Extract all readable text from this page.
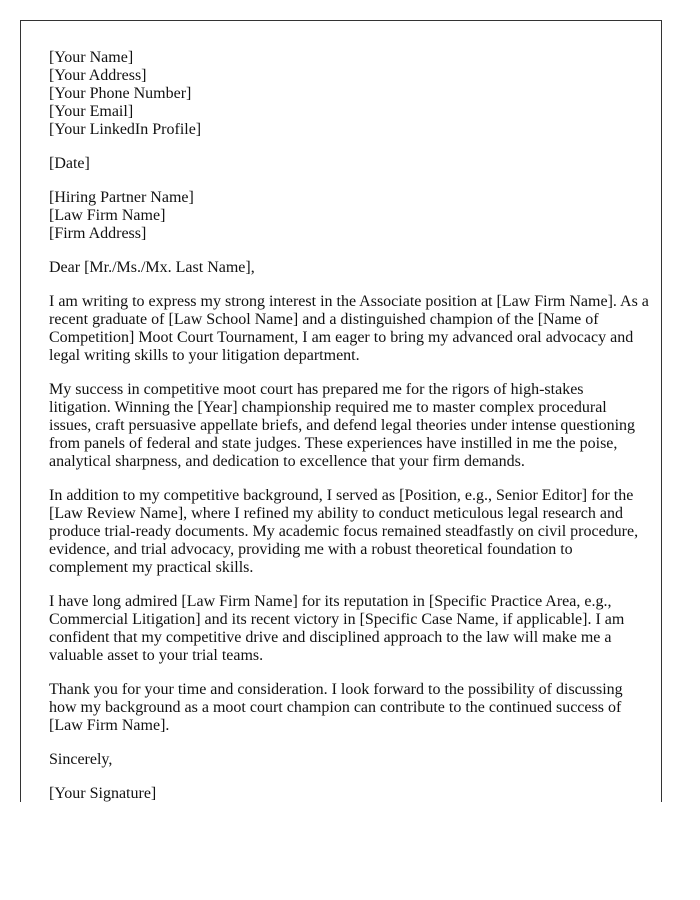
[Your Name]
[Your Address]
[Your Phone Number]
[Your Email]
[Your LinkedIn Profile]

[Date]

[Hiring Partner Name]
[Law Firm Name]
[Firm Address]

Dear [Mr./Ms./Mx. Last Name],

I am writing to express my strong interest in the Associate position at [Law Firm Name]. As a recent graduate of [Law School Name] and a distinguished champion of the [Name of Competition] Moot Court Tournament, I am eager to bring my advanced oral advocacy and legal writing skills to your litigation department.

My success in competitive moot court has prepared me for the rigors of high-stakes litigation. Winning the [Year] championship required me to master complex procedural issues, craft persuasive appellate briefs, and defend legal theories under intense questioning from panels of federal and state judges. These experiences have instilled in me the poise, analytical sharpness, and dedication to excellence that your firm demands.

In addition to my competitive background, I served as [Position, e.g., Senior Editor] for the [Law Review Name], where I refined my ability to conduct meticulous legal research and produce trial-ready documents. My academic focus remained steadfastly on civil procedure, evidence, and trial advocacy, providing me with a robust theoretical foundation to complement my practical skills.

I have long admired [Law Firm Name] for its reputation in [Specific Practice Area, e.g., Commercial Litigation] and its recent victory in [Specific Case Name, if applicable]. I am confident that my competitive drive and disciplined approach to the law will make me a valuable asset to your trial teams.

Thank you for your time and consideration. I look forward to the possibility of discussing how my background as a moot court champion can contribute to the continued success of [Law Firm Name].

Sincerely,

[Your Signature]
